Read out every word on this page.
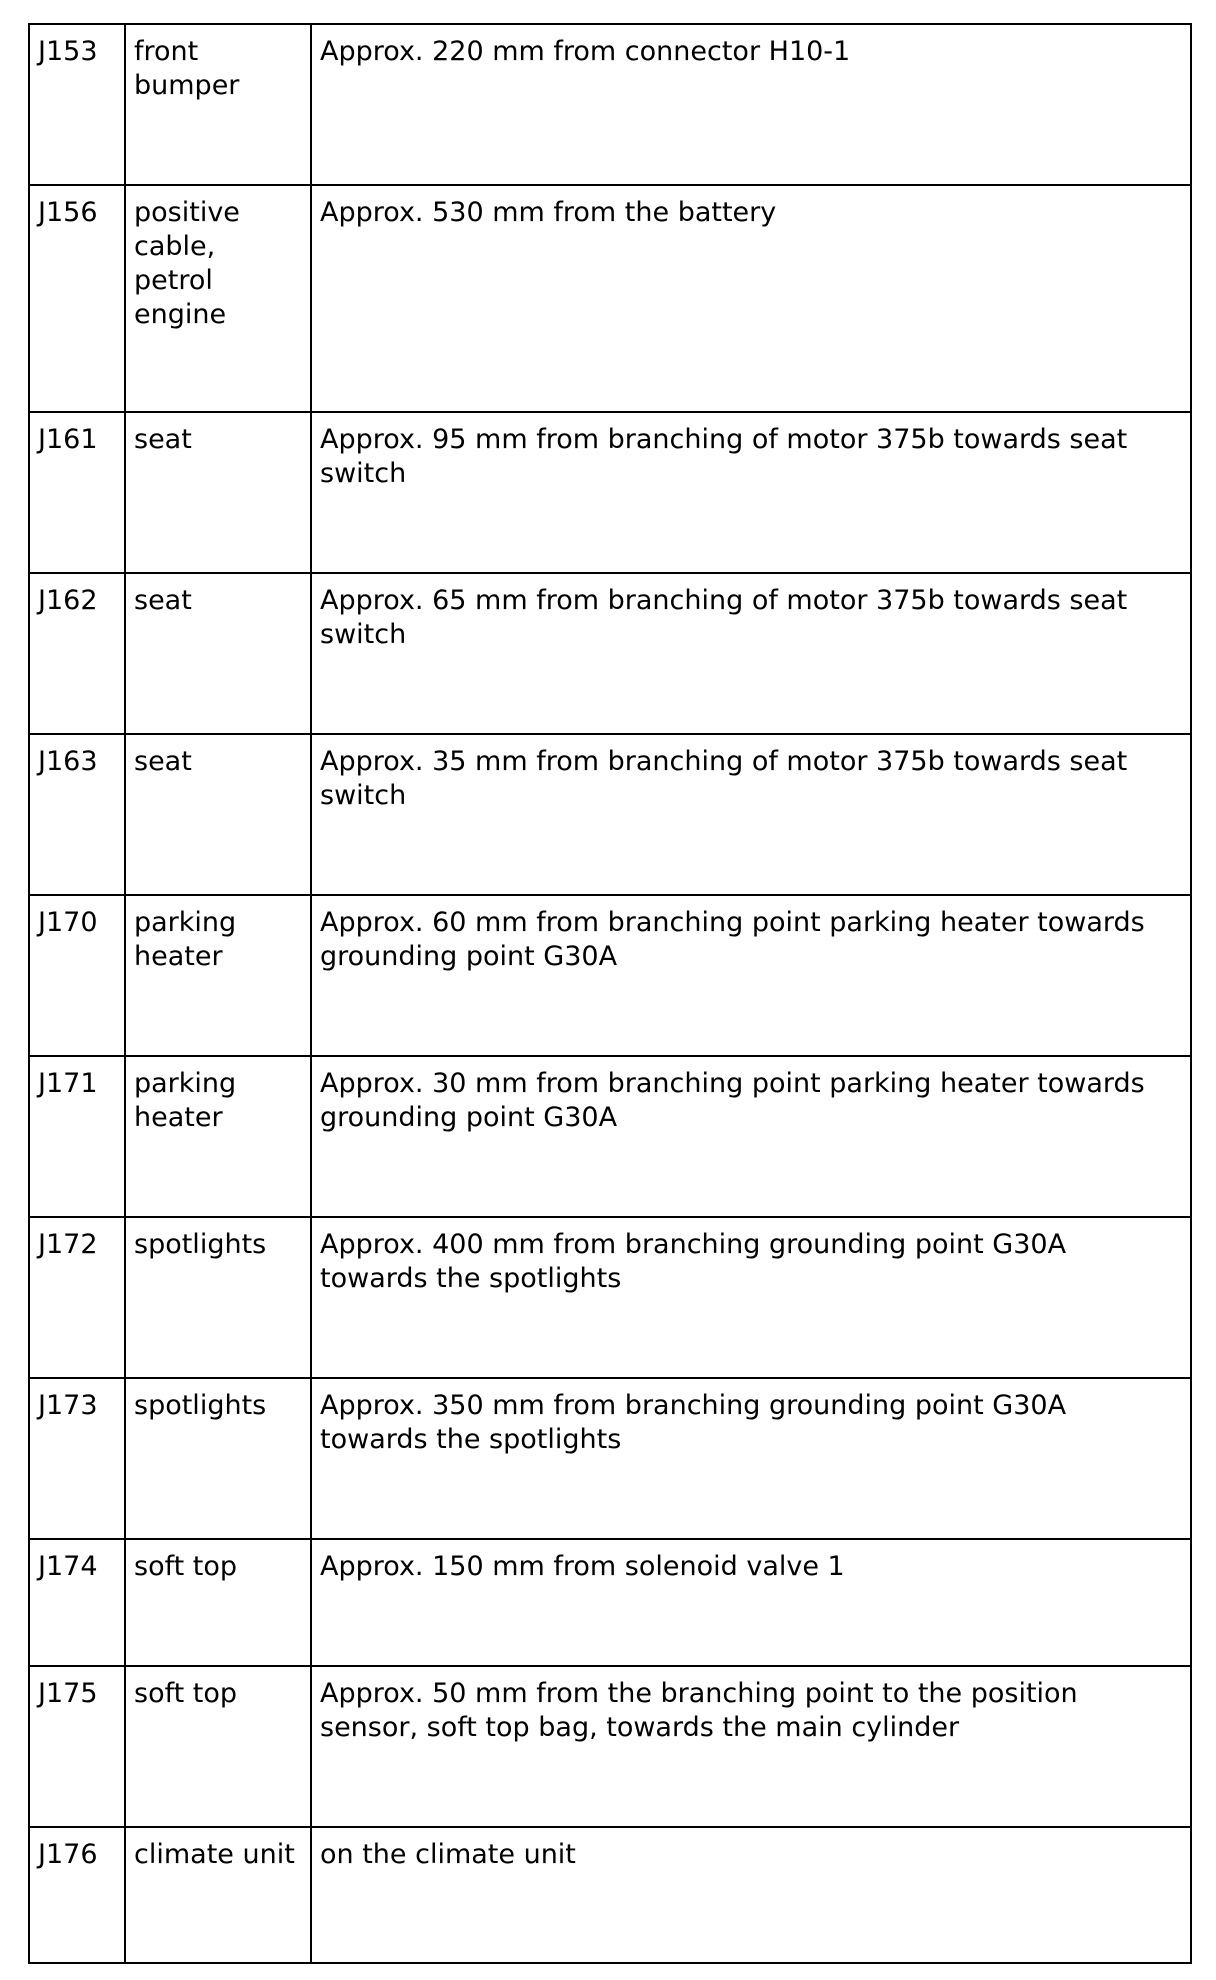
J153	front bumper	Approx. 220 mm from connector H10-1
J156	positive cable, petrol engine	Approx. 530 mm from the battery
J161	seat	Approx. 95 mm from branching of motor 375b towards seat switch
J162	seat	Approx. 65 mm from branching of motor 375b towards seat switch
J163	seat	Approx. 35 mm from branching of motor 375b towards seat switch
J170	parking heater	Approx. 60 mm from branching point parking heater towards grounding point G30A
J171	parking heater	Approx. 30 mm from branching point parking heater towards grounding point G30A
J172	spotlights	Approx. 400 mm from branching grounding point G30A towards the spotlights
J173	spotlights	Approx. 350 mm from branching grounding point G30A towards the spotlights
J174	soft top	Approx. 150 mm from solenoid valve 1
J175	soft top	Approx. 50 mm from the branching point to the position sensor, soft top bag, towards the main cylinder
J176	climate unit	on the climate unit
